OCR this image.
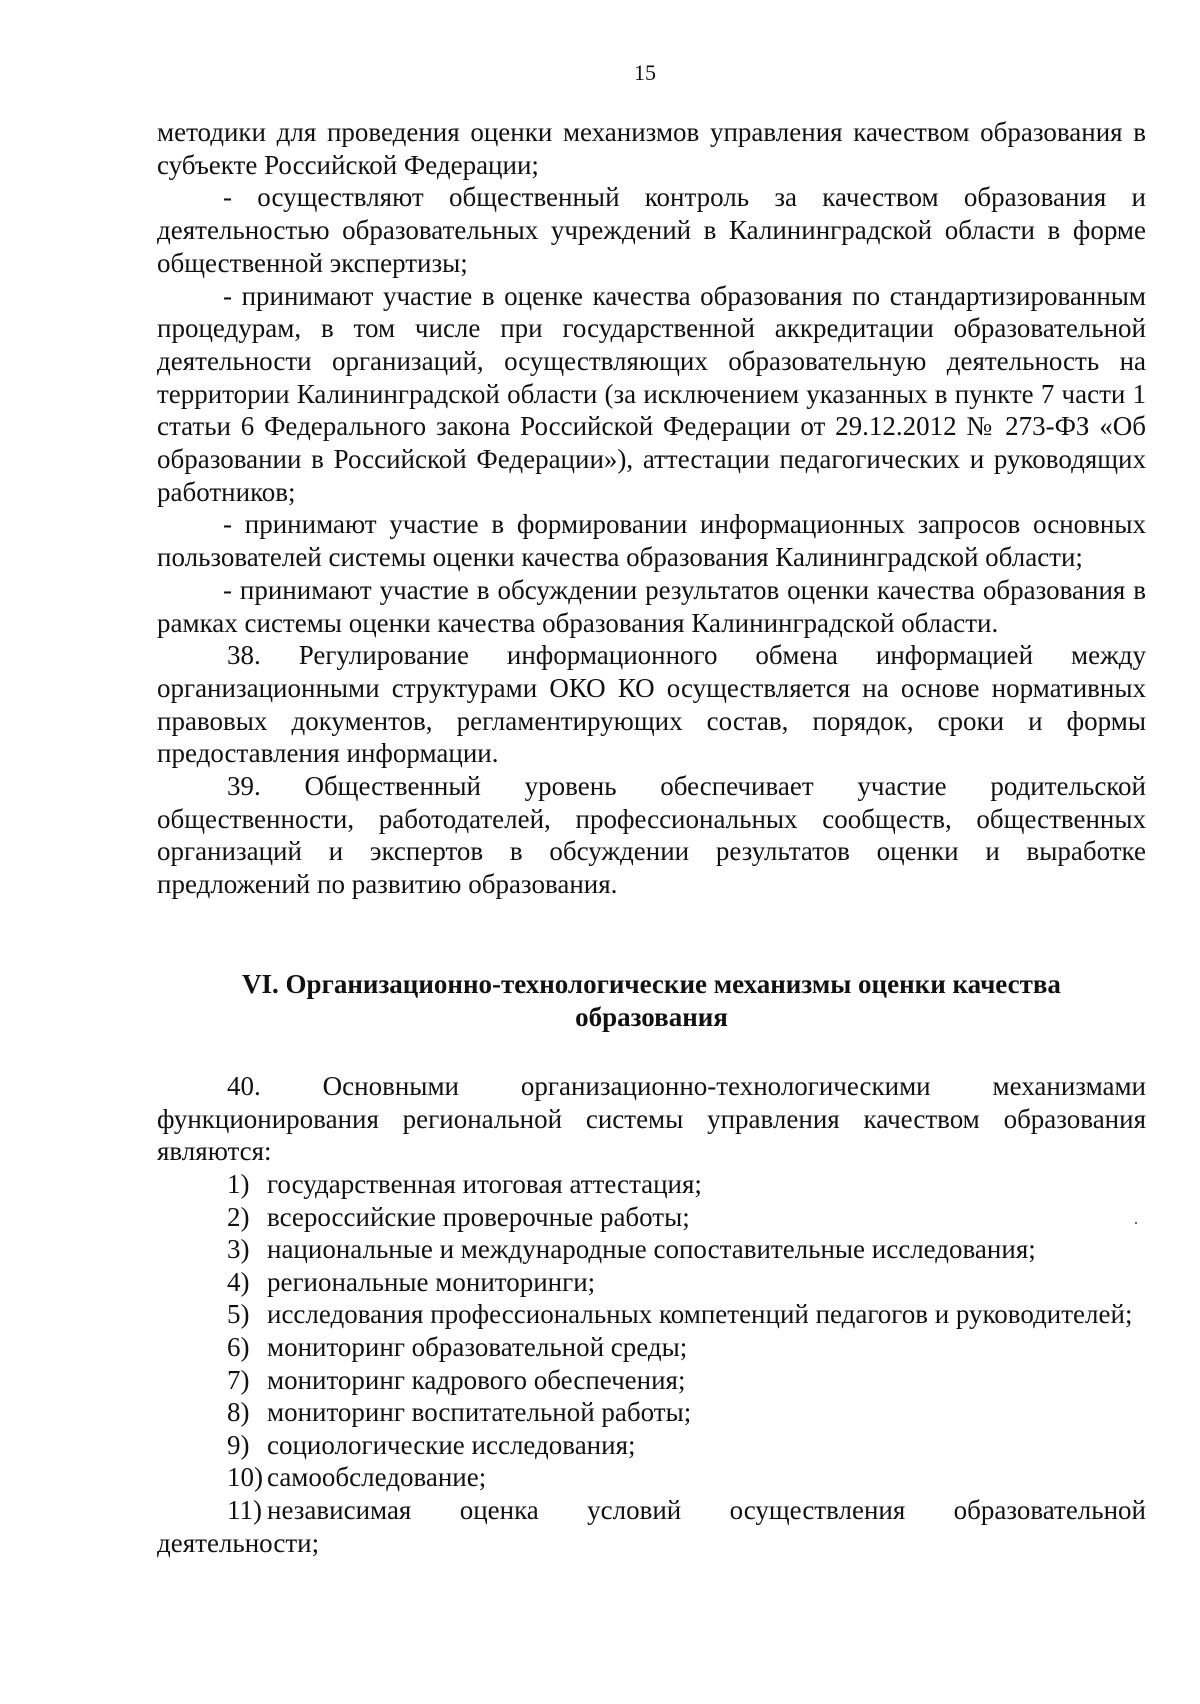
15

методики для проведения оценки механизмов управления качеством образования в субъекте Российской Федерации;

- осуществляют общественный контроль за качеством образования и деятельностью образовательных учреждений в Калининградской области в форме общественной экспертизы;

- принимают участие в оценке качества образования по стандартизированным процедурам, в том числе при государственной аккредитации образовательной деятельности организаций, осуществляющих образовательную деятельность на территории Калининградской области (за исключением указанных в пункте 7 части 1 статьи 6 Федерального закона Российской Федерации от 29.12.2012 № 273-ФЗ «Об образовании в Российской Федерации»), аттестации педагогических и руководящих работников;

- принимают участие в формировании информационных запросов основных пользователей системы оценки качества образования Калининградской области;

- принимают участие в обсуждении результатов оценки качества образования в рамках системы оценки качества образования Калининградской области.

38. Регулирование информационного обмена информацией между организационными структурами ОКО КО осуществляется на основе нормативных правовых документов, регламентирующих состав, порядок, сроки и формы предоставления информации.

39. Общественный уровень обеспечивает участие родительской общественности, работодателей, профессиональных сообществ, общественных организаций и экспертов в обсуждении результатов оценки и выработке предложений по развитию образования.

VI. Организационно-технологические механизмы оценки качества
образования

40. Основными организационно-технологическими механизмами функционирования региональной системы управления качеством образования являются:

1) государственная итоговая аттестация;

2) всероссийские проверочные работы;

3) национальные и международные сопоставительные исследования;

4) региональные мониторинги;

5) исследования профессиональных компетенций педагогов и руководителей;

6) мониторинг образовательной среды;

7) мониторинг кадрового обеспечения;

8) мониторинг воспитательной работы;

9) социологические исследования;

10) самообследование;

11) независимая оценка условий осуществления образовательной деятельности;
